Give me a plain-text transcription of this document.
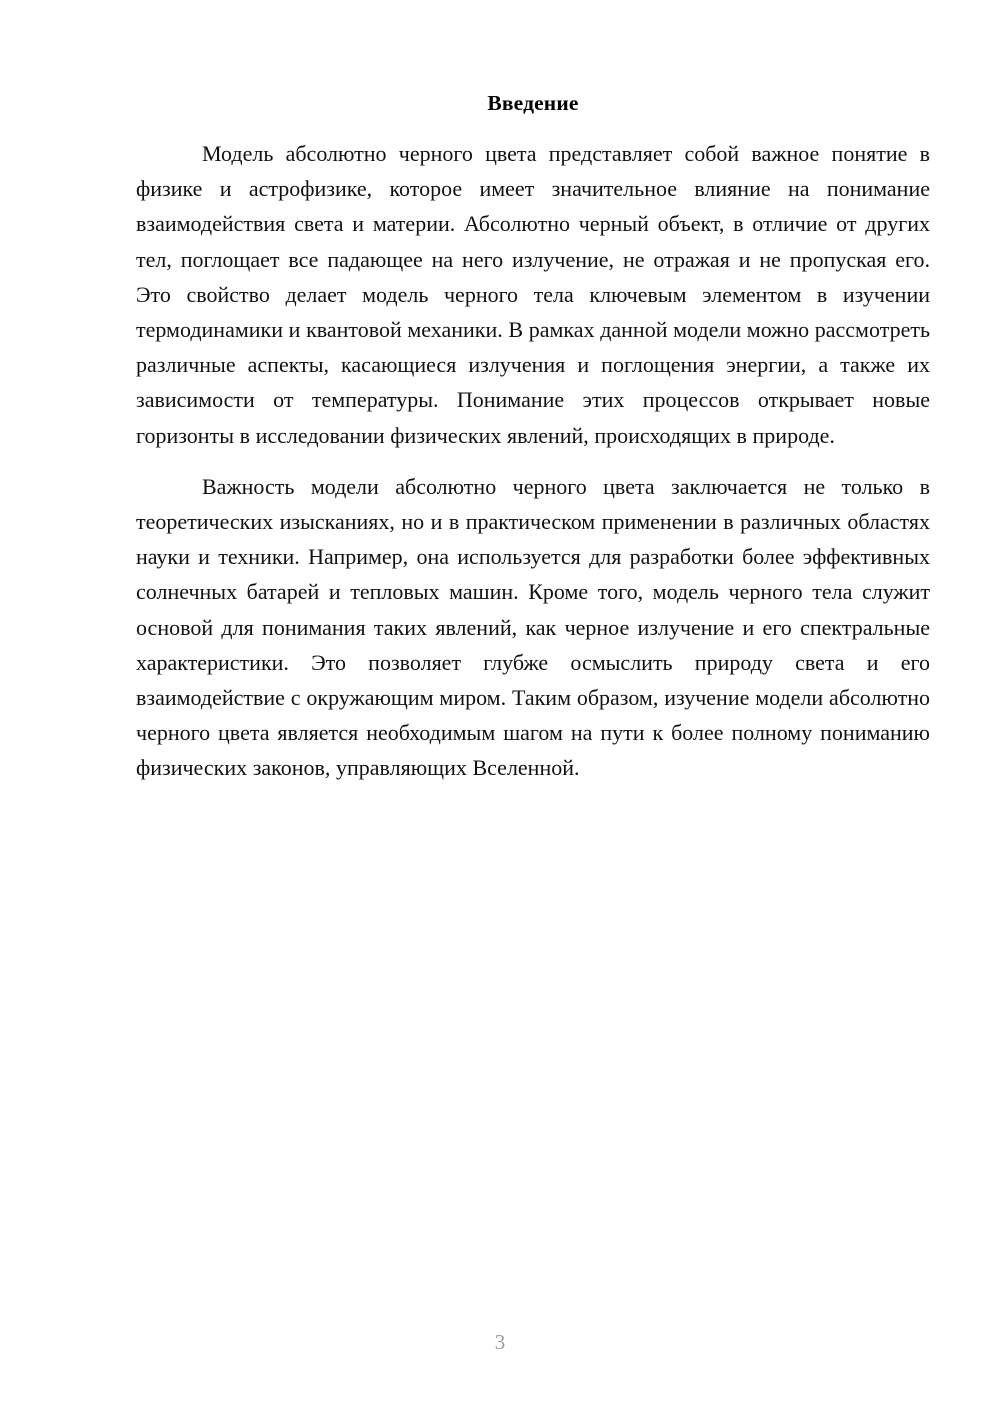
Введение

Модель абсолютно черного цвета представляет собой важное понятие в физике и астрофизике, которое имеет значительное влияние на понимание взаимодействия света и материи. Абсолютно черный объект, в отличие от других тел, поглощает все падающее на него излучение, не отражая и не пропуская его. Это свойство делает модель черного тела ключевым элементом в изучении термодинамики и квантовой механики. В рамках данной модели можно рассмотреть различные аспекты, касающиеся излучения и поглощения энергии, а также их зависимости от температуры. Понимание этих процессов открывает новые горизонты в исследовании физических явлений, происходящих в природе.

Важность модели абсолютно черного цвета заключается не только в теоретических изысканиях, но и в практическом применении в различных областях науки и техники. Например, она используется для разработки более эффективных солнечных батарей и тепловых машин. Кроме того, модель черного тела служит основой для понимания таких явлений, как черное излучение и его спектральные характеристики. Это позволяет глубже осмыслить природу света и его взаимодействие с окружающим миром. Таким образом, изучение модели абсолютно черного цвета является необходимым шагом на пути к более полному пониманию физических законов, управляющих Вселенной.

3
